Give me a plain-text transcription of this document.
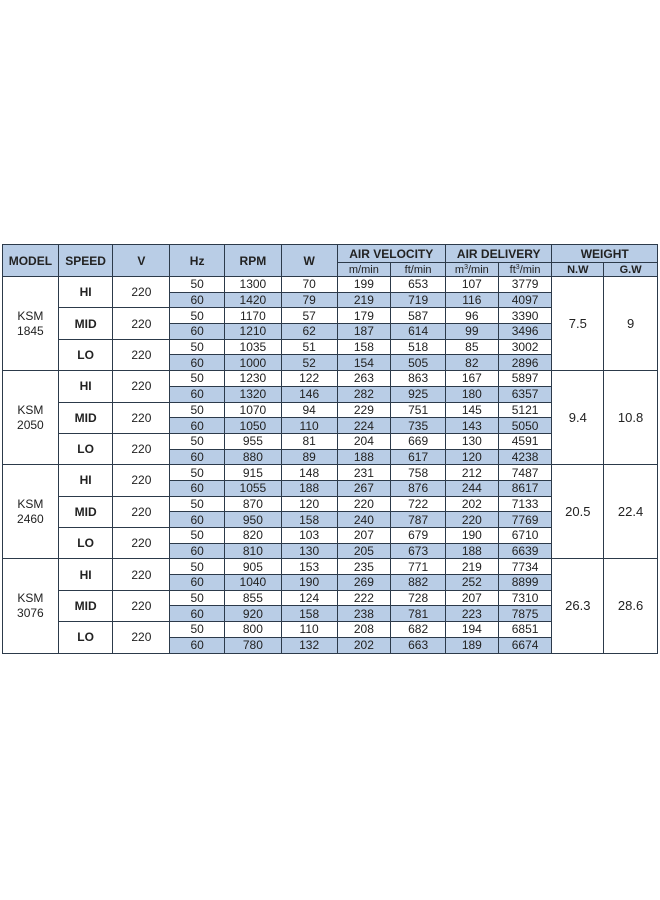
MODEL	SPEED	V	Hz	RPM	W	AIR VELOCITY		AIR DELIVERY		WEIGHT	
						m/min	ft/min	$m^3/\min$	$ft^3/\min$	N.W	G.W

KSM
1845	HI	220	50	1300	70	199	653	107	3779	7.5	9
			60	1420	79	219	719	116	4097		
	MID	220	50	1170	57	179	587	96	3390		
			60	1210	62	187	614	99	3496		
	LO	220	50	1035	51	158	518	85	3002		
			60	1000	52	154	505	82	2896		

KSM
2050	HI	220	50	1230	122	263	863	167	5897	9.4	10.8
			60	1320	146	282	925	180	6357		
	MID	220	50	1070	94	229	751	145	5121		
			60	1050	110	224	735	143	5050		
	LO	220	50	955	81	204	669	130	4591		
			60	880	89	188	617	120	4238		

KSM
2460	HI	220	50	915	148	231	758	212	7487	20.5	22.4
			60	1055	188	267	876	244	8617		
	MID	220	50	870	120	220	722	202	7133		
			60	950	158	240	787	220	7769		
	LO	220	50	820	103	207	679	190	6710		
			60	810	130	205	673	188	6639		

KSM
3076	HI	220	50	905	153	235	771	219	7734	26.3	28.6
			60	1040	190	269	882	252	8899		
	MID	220	50	855	124	222	728	207	7310		
			60	920	158	238	781	223	7875		
	LO	220	50	800	110	208	682	194	6851		
			60	780	132	202	663	189	6674		
